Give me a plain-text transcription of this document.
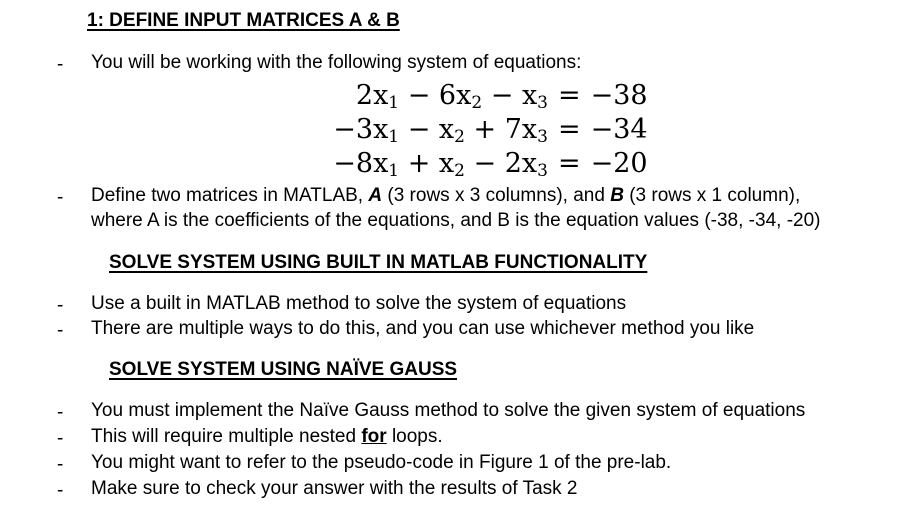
1: DEFINE INPUT MATRICES A & B
- You will be working with the following system of equations:
$2x_1 - 6x_2 - x_3 = -38$
$-3x_1 - x_2 + 7x_3 = -34$
$-8x_1 + x_2 - 2x_3 = -20$
- Define two matrices in MATLAB, A (3 rows x 3 columns), and B (3 rows x 1 column),
where A is the coefficients of the equations, and B is the equation values (-38, -34, -20)
SOLVE SYSTEM USING BUILT IN MATLAB FUNCTIONALITY
- Use a built in MATLAB method to solve the system of equations
- There are multiple ways to do this, and you can use whichever method you like
SOLVE SYSTEM USING NAÏVE GAUSS
- You must implement the Naïve Gauss method to solve the given system of equations
- This will require multiple nested for loops.
- You might want to refer to the pseudo-code in Figure 1 of the pre-lab.
- Make sure to check your answer with the results of Task 2
